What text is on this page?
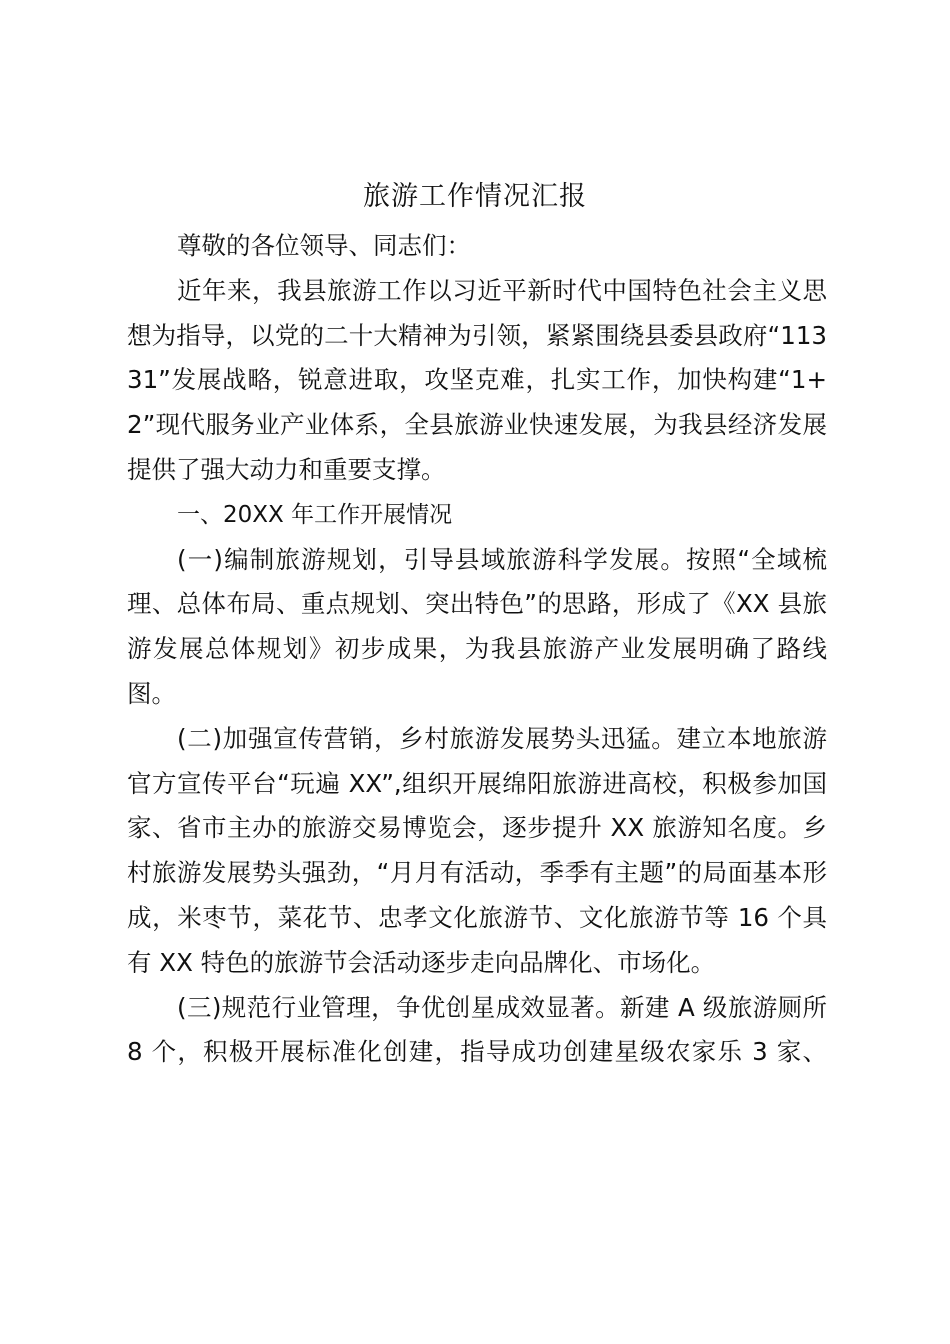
旅游工作情况汇报

尊敬的各位领导、同志们：

近年来，我县旅游工作以习近平新时代中国特色社会主义思想为指导，以党的二十大精神为引领，紧紧围绕县委县政府“11331”发展战略，锐意进取，攻坚克难，扎实工作，加快构建“1+2”现代服务业产业体系，全县旅游业快速发展，为我县经济发展提供了强大动力和重要支撑。

一、20XX 年工作开展情况

(一)编制旅游规划，引导县域旅游科学发展。按照“全域梳理、总体布局、重点规划、突出特色”的思路，形成了《XX 县旅游发展总体规划》初步成果，为我县旅游产业发展明确了路线图。

(二)加强宣传营销，乡村旅游发展势头迅猛。建立本地旅游官方宣传平台“玩遍 XX”,组织开展绵阳旅游进高校，积极参加国家、省市主办的旅游交易博览会，逐步提升 XX 旅游知名度。乡村旅游发展势头强劲，“月月有活动，季季有主题”的局面基本形成，米枣节，菜花节、忠孝文化旅游节、文化旅游节等 16 个具有 XX 特色的旅游节会活动逐步走向品牌化、市场化。

(三)规范行业管理，争优创星成效显著。新建 A 级旅游厕所 8 个，积极开展标准化创建，指导成功创建星级农家乐 3 家、
